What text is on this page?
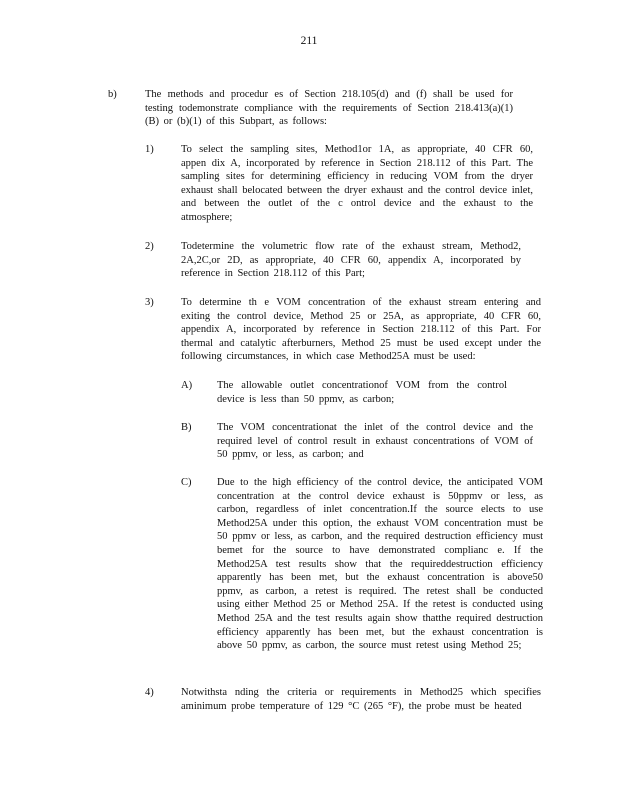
211
b)	The methods and procedur es of Section 218.105(d) and (f) shall be used for testing todemonstrate compliance with the requirements of Section 218.413(a)(1)(B) or (b)(1) of this Subpart, as follows:
1)	To select the sampling sites, Method1or 1A, as appropriate, 40 CFR 60, appen dix A, incorporated by reference in Section 218.112 of this Part. The sampling sites for determining efficiency in reducing VOM from the dryer exhaust shall belocated between the dryer exhaust and the control device inlet, and between the outlet of the c ontrol device and the exhaust to the atmosphere;
2)	Todetermine the volumetric flow rate of the exhaust stream, Method2, 2A,2C,or 2D, as appropriate, 40 CFR 60, appendix A, incorporated by reference in Section 218.112 of this Part;
3)	To determine th e VOM concentration of the exhaust stream entering and exiting the control device, Method 25 or 25A, as appropriate, 40 CFR 60, appendix A, incorporated by reference in Section 218.112 of this Part. For thermal and catalytic afterburners, Method 25 must be used except under the following circumstances, in which case Method25A must be used:
A) The allowable outlet concentrationof VOM from the control device is less than 50 ppmv, as carbon;
B) The VOM concentrationat the inlet of the control device and the required level of control result in exhaust concentrations of VOM of 50 ppmv, or less, as carbon; and
C) Due to the high efficiency of the control device, the anticipated VOM concentration at the control device exhaust is 50ppmv or less, as carbon, regardless of inlet concentration.If the source elects to use Method25A under this option, the exhaust VOM concentration must be 50 ppmv or less, as carbon, and the required destruction efficiency must bemet for the source to have demonstrated complianc e. If the Method25A test results show that the requireddestruction efficiency apparently has been met, but the exhaust concentration is above50 ppmv, as carbon, a retest is required. The retest shall be conducted using either Method 25 or Method 25A. If the retest is conducted using Method 25A and the test results again show thatthe required destruction efficiency apparently has been met, but the exhaust concentration is above 50 ppmv, as carbon, the source must retest using Method 25;
4)	Notwithsta nding the criteria or requirements in Method25 which specifies aminimum probe temperature of 129 °C (265 °F), the probe must be heated
